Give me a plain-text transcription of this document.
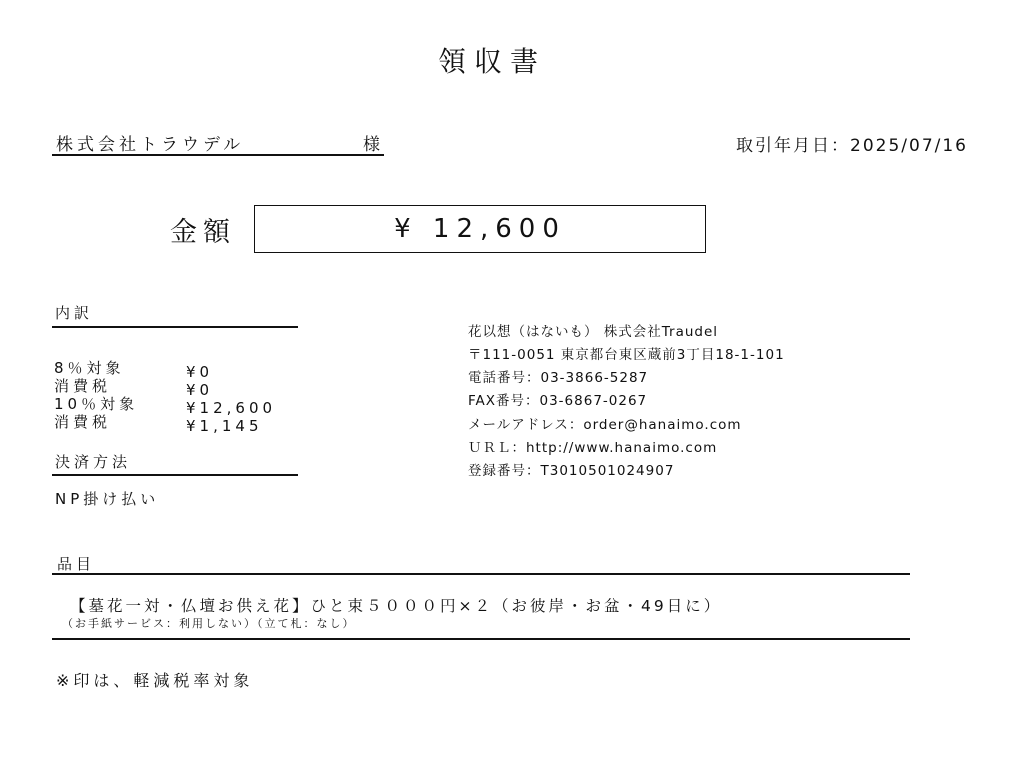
領収書
株式会社トラウデル	様	取引年月日：2025/07/16
金額	¥ 12,600
内訳
8％対象	¥0
消費税	¥0
10％対象	¥12,600
消費税	¥1,145
決済方法
NP掛け払い
花以想（はないも） 株式会社Traudel
〒111-0051 東京都台東区蔵前3丁目18-1-101
電話番号：03-3866-5287
FAX番号：03-6867-0267
メールアドレス：order@hanaimo.com
ＵＲＬ：http://www.hanaimo.com
登録番号：T3010501024907
品目
【墓花一対・仏壇お供え花】ひと束５０００円×２（お彼岸・お盆・49日に）
（お手紙サービス：利用しない）（立て札：なし）
※印は、軽減税率対象
